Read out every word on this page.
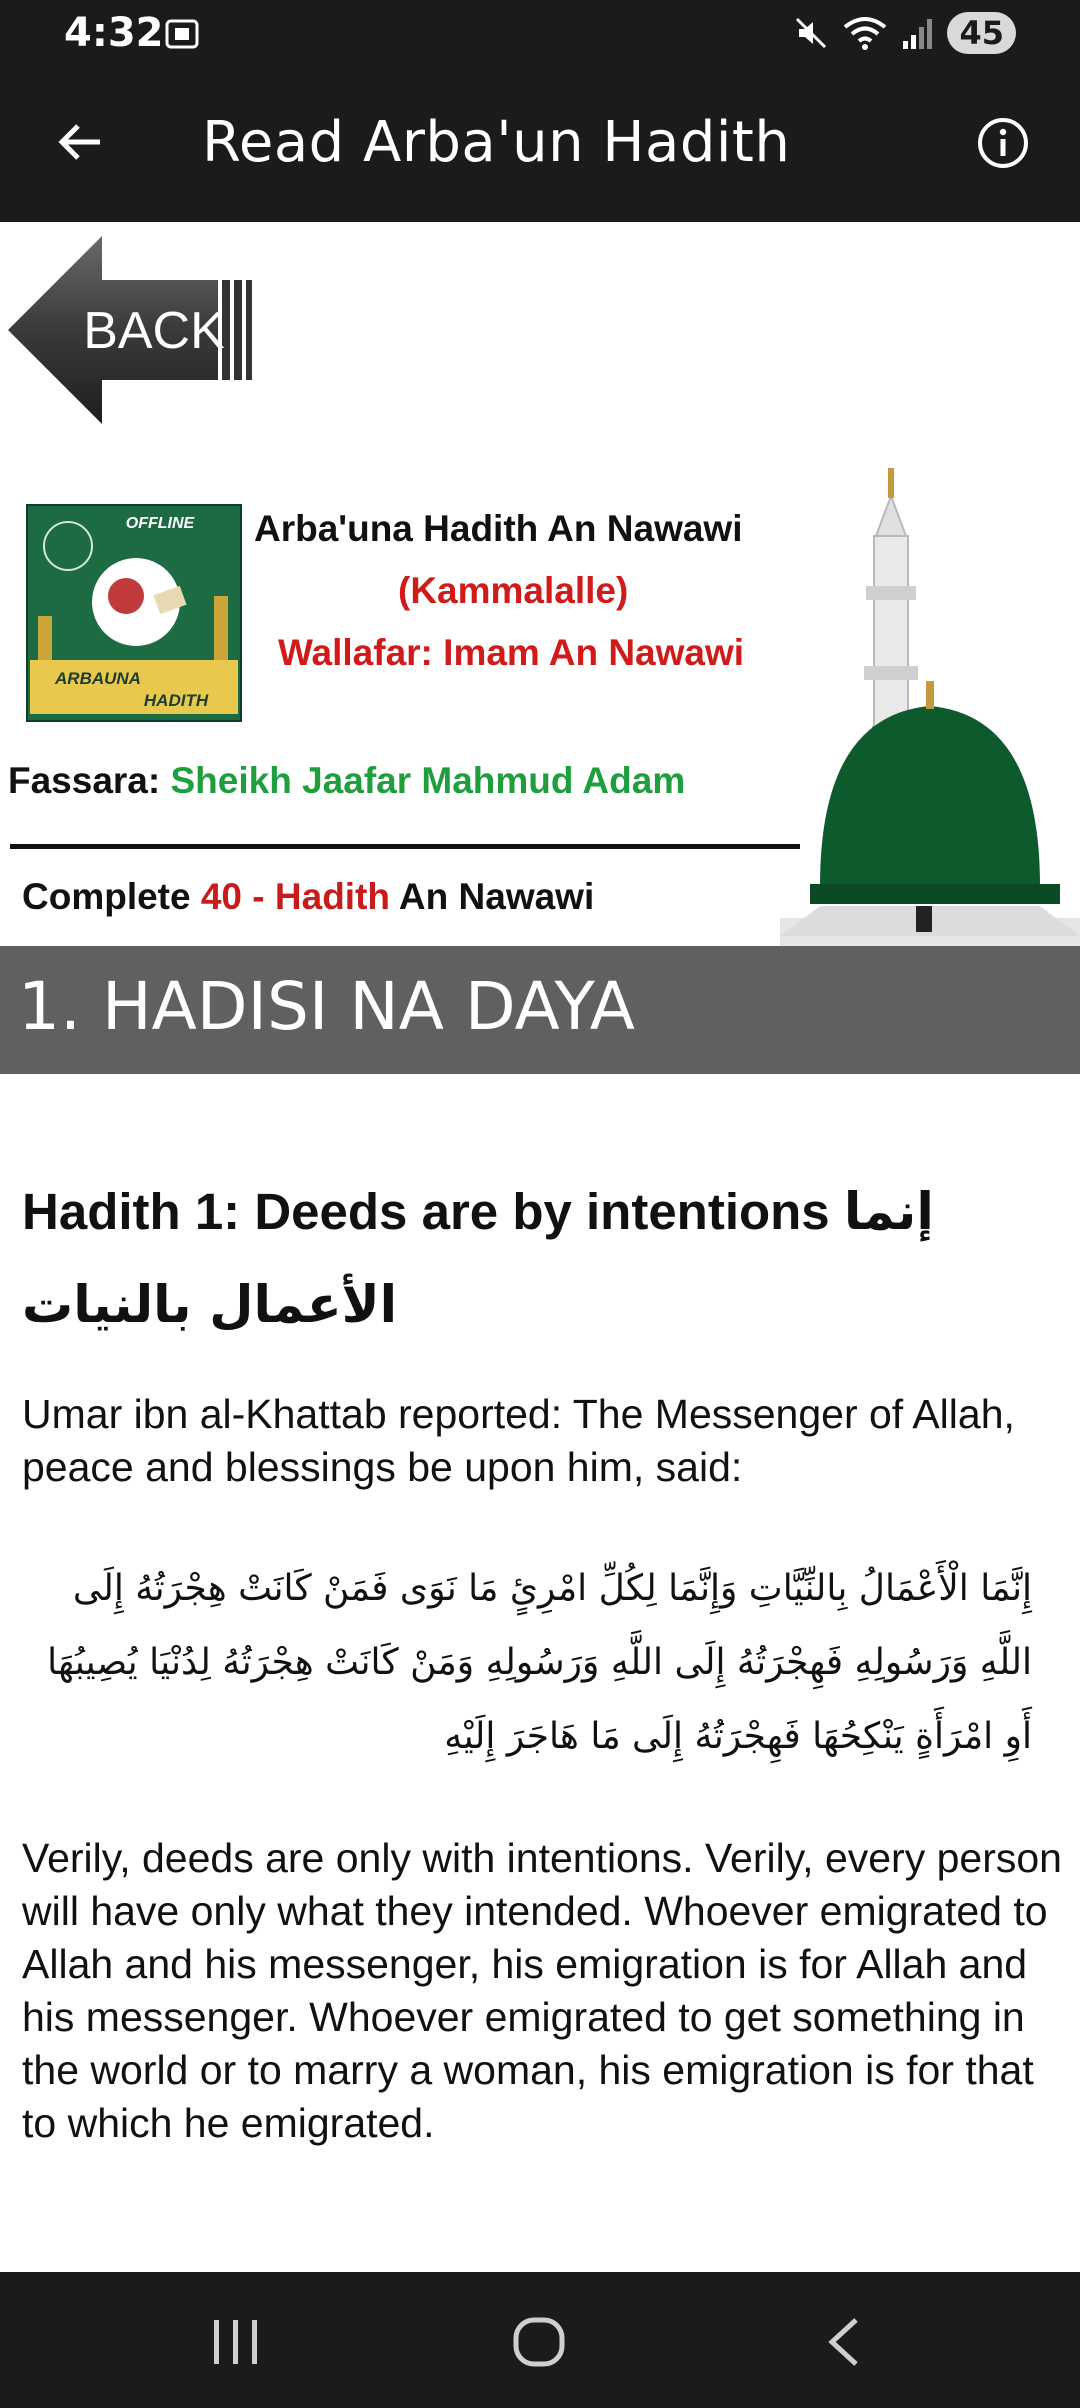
4:32	45
Read Arba'un Hadith
BACK
OFFLINE
ARBAUNA
HADITH
Arba'una Hadith An Nawawi
(Kammalalle)
Wallafar: Imam An Nawawi
Fassara: Sheikh Jaafar Mahmud Adam
Complete 40 - Hadith An Nawawi
1. HADISI NA DAYA
Hadith 1: Deeds are by intentions إنما الأعمال بالنيات
Umar ibn al-Khattab reported: The Messenger of Allah, peace and blessings be upon him, said:
إِنَّمَا الْأَعْمَالُ بِالنِّيَّاتِ وَإِنَّمَا لِكُلِّ امْرِئٍ مَا نَوَى فَمَنْ كَانَتْ هِجْرَتُهُ إِلَى اللَّهِ وَرَسُولِهِ فَهِجْرَتُهُ إِلَى اللَّهِ وَرَسُولِهِ وَمَنْ كَانَتْ هِجْرَتُهُ لِدُنْيَا يُصِيبُهَا أَوِ امْرَأَةٍ يَنْكِحُهَا فَهِجْرَتُهُ إِلَى مَا هَاجَرَ إِلَيْهِ
Verily, deeds are only with intentions. Verily, every person will have only what they intended. Whoever emigrated to Allah and his messenger, his emigration is for Allah and his messenger. Whoever emigrated to get something in the world or to marry a woman, his emigration is for that to which he emigrated.
